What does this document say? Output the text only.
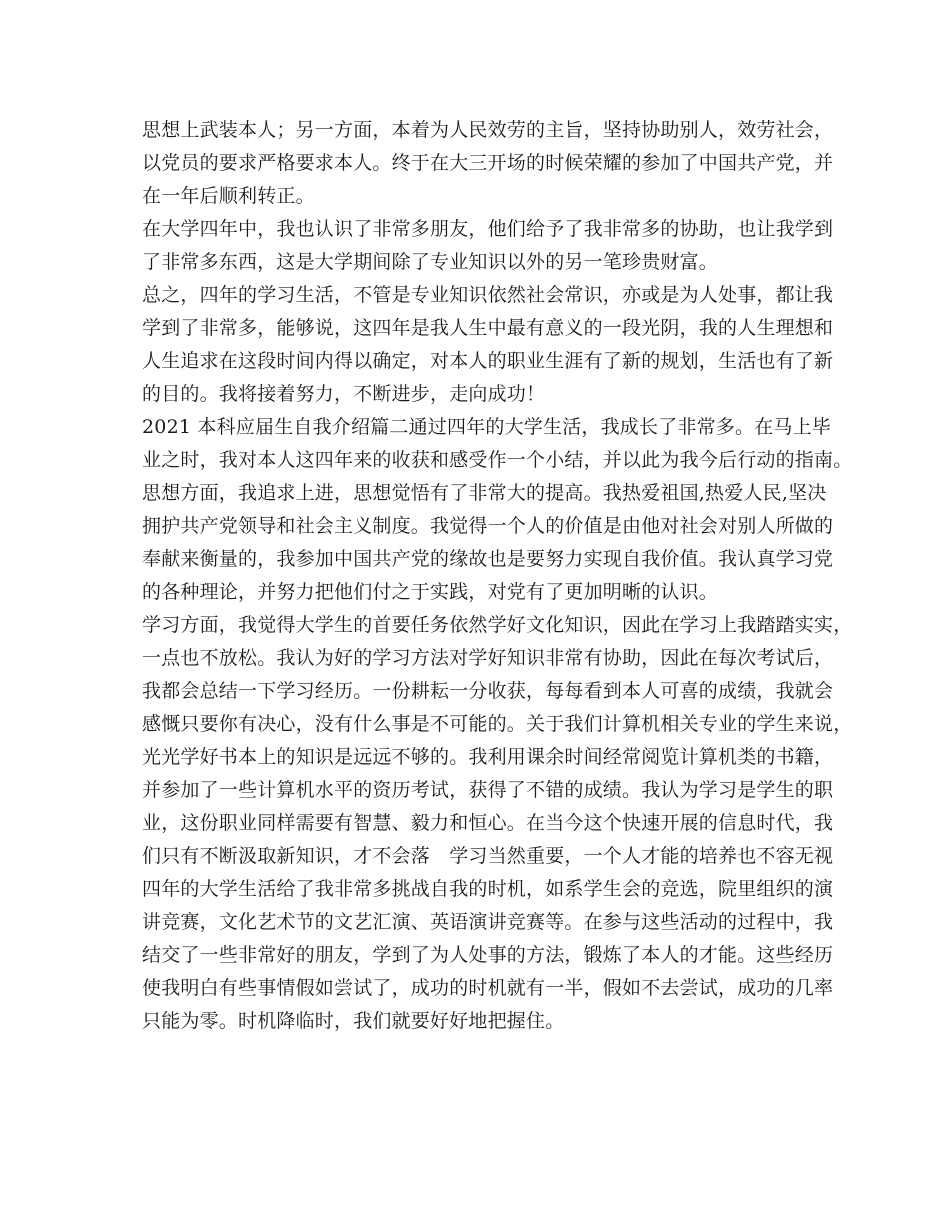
思想上武装本人；另一方面，本着为人民效劳的主旨，坚持协助别人，效劳社会，
以党员的要求严格要求本人。终于在大三开场的时候荣耀的参加了中国共产党，并
在一年后顺利转正。
在大学四年中，我也认识了非常多朋友，他们给予了我非常多的协助，也让我学到
了非常多东西，这是大学期间除了专业知识以外的另一笔珍贵财富。
总之，四年的学习生活，不管是专业知识依然社会常识，亦或是为人处事，都让我
学到了非常多，能够说，这四年是我人生中最有意义的一段光阴，我的人生理想和
人生追求在这段时间内得以确定，对本人的职业生涯有了新的规划，生活也有了新
的目的。我将接着努力，不断进步，走向成功！
2021 本科应届生自我介绍篇二通过四年的大学生活，我成长了非常多。在马上毕
业之时，我对本人这四年来的收获和感受作一个小结，并以此为我今后行动的指南。
思想方面，我追求上进，思想觉悟有了非常大的提高。我热爱祖国,热爱人民,坚决
拥护共产党领导和社会主义制度。我觉得一个人的价值是由他对社会对别人所做的
奉献来衡量的，我参加中国共产党的缘故也是要努力实现自我价值。我认真学习党
的各种理论，并努力把他们付之于实践，对党有了更加明晰的认识。
学习方面，我觉得大学生的首要任务依然学好文化知识，因此在学习上我踏踏实实，
一点也不放松。我认为好的学习方法对学好知识非常有协助，因此在每次考试后，
我都会总结一下学习经历。一份耕耘一分收获，每每看到本人可喜的成绩，我就会
感慨只要你有决心，没有什么事是不可能的。关于我们计算机相关专业的学生来说，
光光学好书本上的知识是远远不够的。我利用课余时间经常阅览计算机类的书籍，
并参加了一些计算机水平的资历考试，获得了不错的成绩。我认为学习是学生的职
业，这份职业同样需要有智慧、毅力和恒心。在当今这个快速开展的信息时代，我
们只有不断汲取新知识，才不会落　学习当然重要，一个人才能的培养也不容无视
四年的大学生活给了我非常多挑战自我的时机，如系学生会的竞选，院里组织的演
讲竞赛，文化艺术节的文艺汇演、英语演讲竞赛等。在参与这些活动的过程中，我
结交了一些非常好的朋友，学到了为人处事的方法，锻炼了本人的才能。这些经历
使我明白有些事情假如尝试了，成功的时机就有一半，假如不去尝试，成功的几率
只能为零。时机降临时，我们就要好好地把握住。
